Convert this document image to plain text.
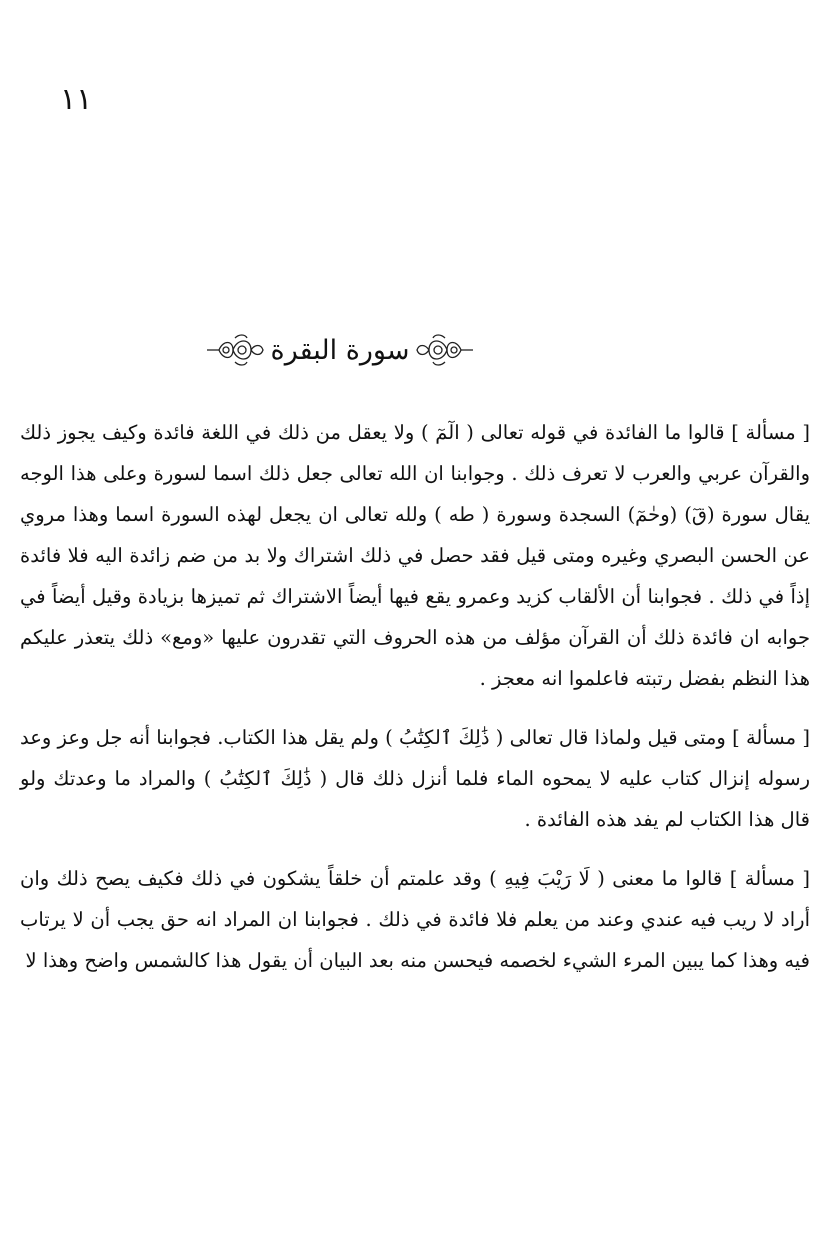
١١
سورة البقرة

[ مسألة ] قالوا ما الفائدة في قوله تعالى ( الٓمٓ ) ولا يعقل من ذلك في اللغة فائدة وكيف يجوز ذلك والقرآن عربي والعرب لا تعرف ذلك . وجوابنا ان الله تعالى جعل ذلك اسما لسورة وعلى هذا الوجه يقال سورة (قٓ) (وحٰمٓ) السجدة وسورة ( طه ) ولله تعالى ان يجعل لهذه السورة اسما وهذا مروي عن الحسن البصري وغيره ومتى قيل فقد حصل في ذلك اشتراك ولا بد من ضم زائدة اليه فلا فائدة إذاً في ذلك . فجوابنا أن الألقاب كزيد وعمرو يقع فيها أيضاً الاشتراك ثم تميزها بزيادة وقيل أيضاً في جوابه ان فائدة ذلك أن القرآن مؤلف من هذه الحروف التي تقدرون عليها «ومع» ذلك يتعذر عليكم هذا النظم بفضل رتبته فاعلموا انه معجز .

[ مسألة ] ومتى قيل ولماذا قال تعالى ( ذَٰلِكَ ٱلكِتَٰبُ ) ولم يقل هذا الكتاب. فجوابنا أنه جل وعز وعد رسوله إنزال كتاب عليه لا يمحوه الماء فلما أنزل ذلك قال ( ذَٰلِكَ ٱلكِتَٰبُ ) والمراد ما وعدتك ولو قال هذا الكتاب لم يفد هذه الفائدة .

[ مسألة ] قالوا ما معنى ( لَا رَيْبَ فِيهِ ) وقد علمتم أن خلقاً يشكون في ذلك فكيف يصح ذلك وان أراد لا ريب فيه عندي وعند من يعلم فلا فائدة في ذلك . فجوابنا ان المراد انه حق يجب أن لا يرتاب فيه وهذا كما يبين المرء الشيء لخصمه فيحسن منه بعد البيان أن يقول هذا كالشمس واضح وهذا لا
